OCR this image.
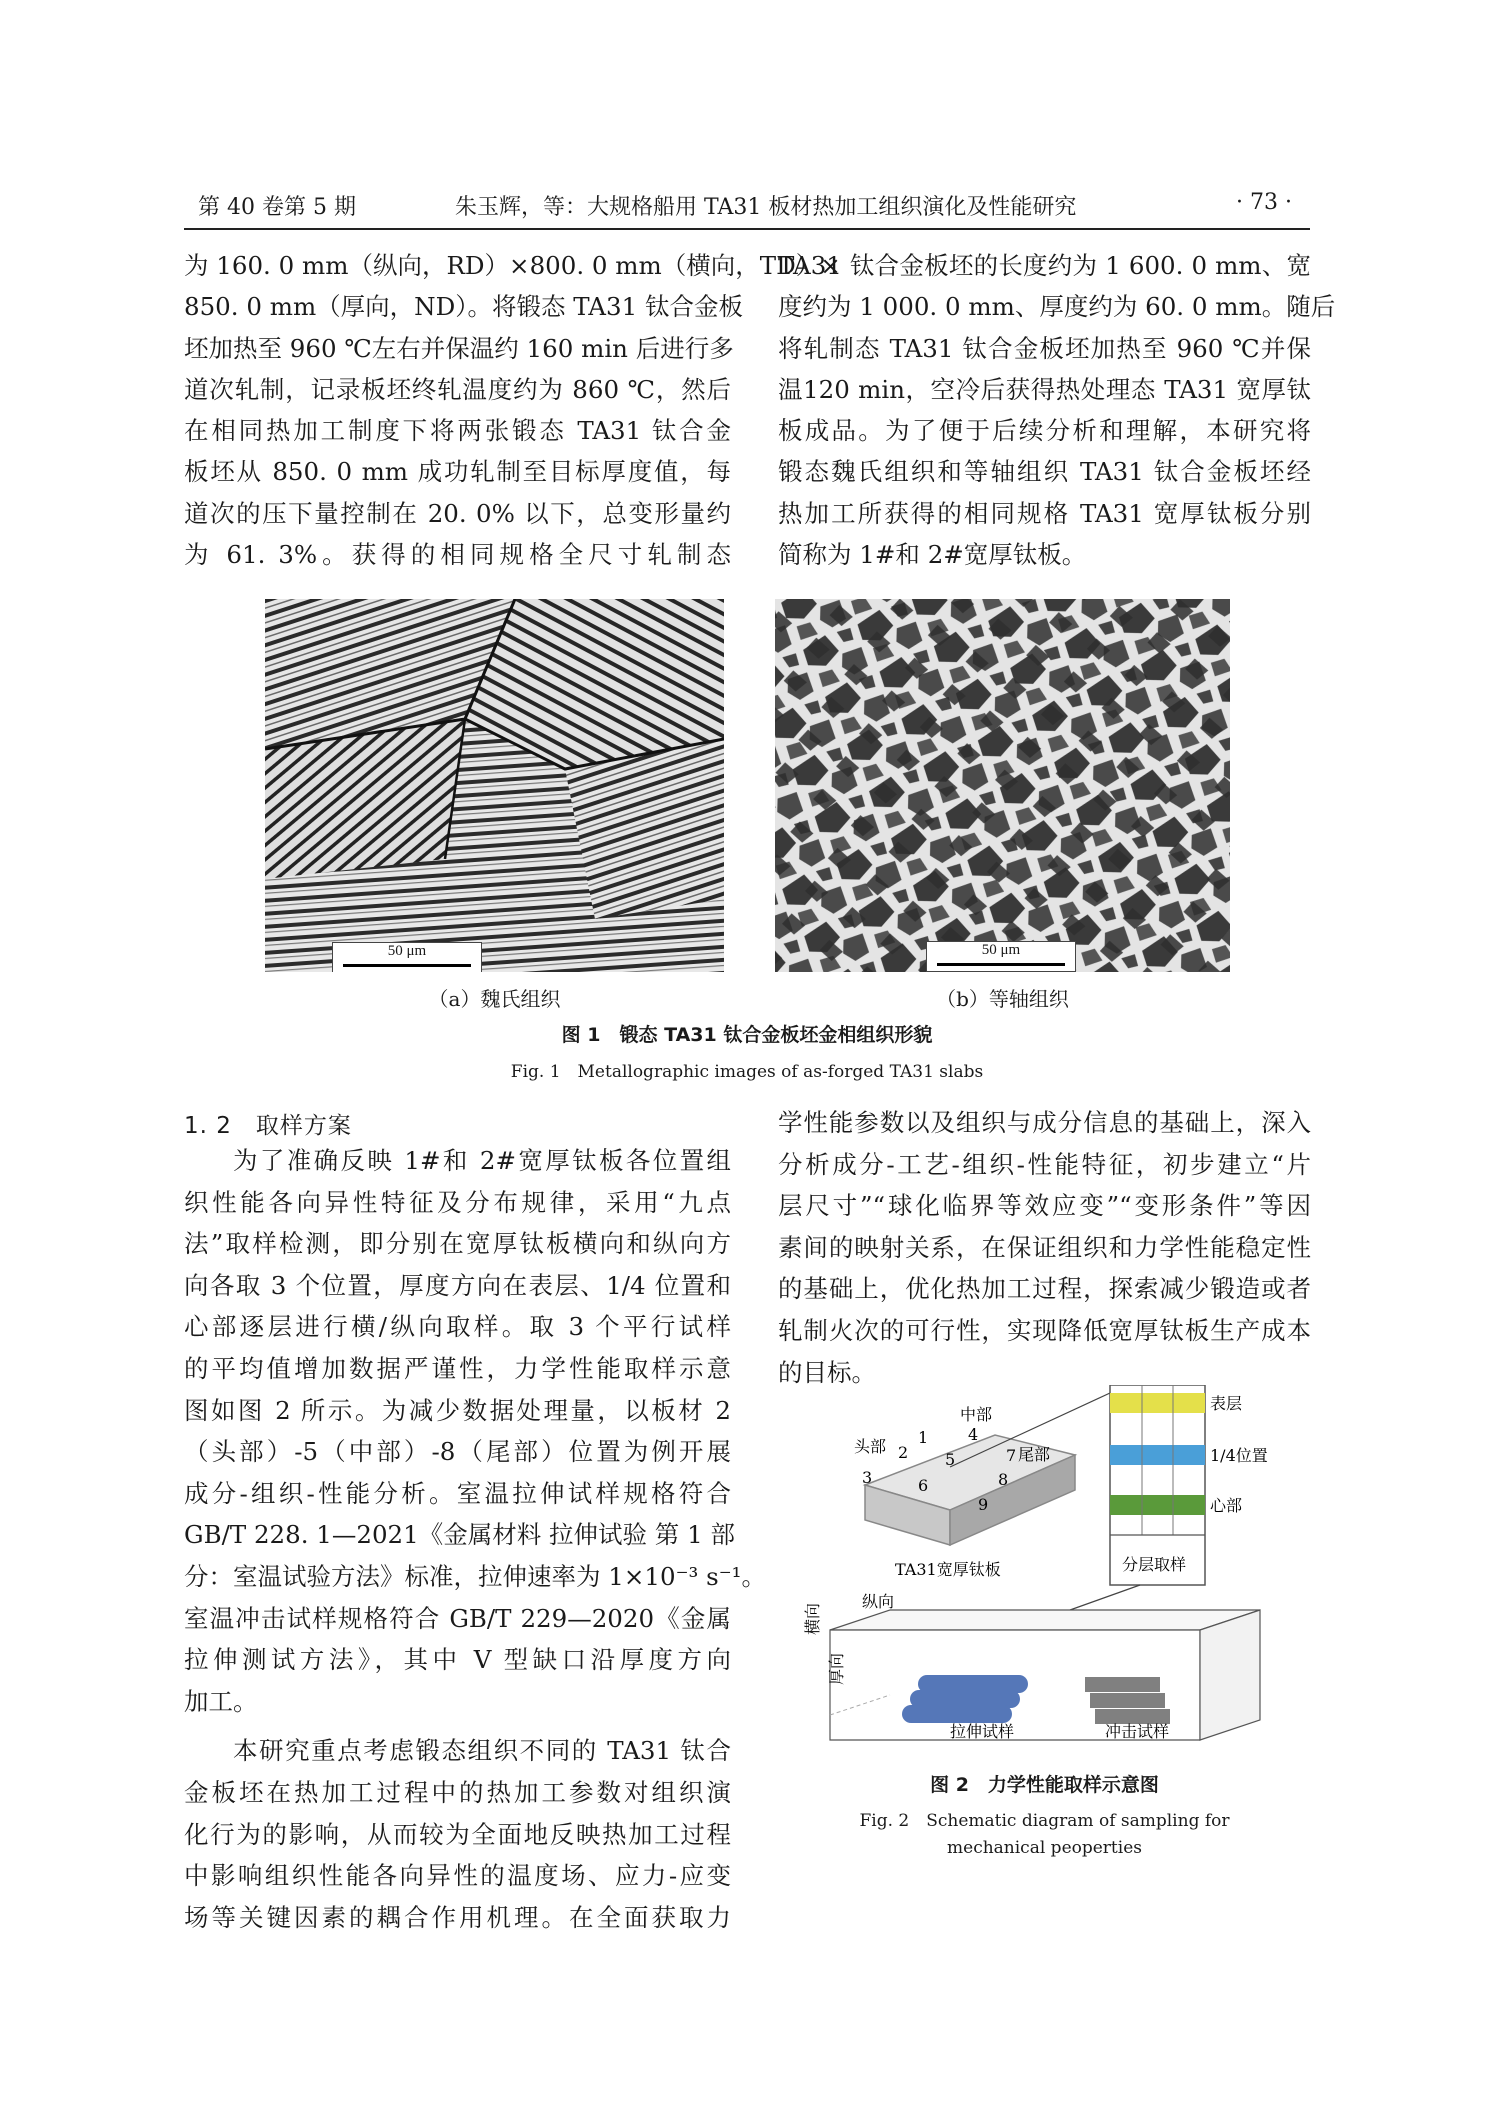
第 40 卷第 5 期	朱玉辉，等：大规格船用 TA31 板材热加工组织演化及性能研究	· 73 ·

为 160. 0 mm（纵向，RD）×800. 0 mm（横向，TD）×

850. 0 mm（厚向，ND）。将锻态 TA31 钛合金板

坯加热至 960 ℃左右并保温约 160 min 后进行多

道次轧制，记录板坯终轧温度约为 860 ℃，然后

在相同热加工制度下将两张锻态 TA31 钛合金

板坯从 850. 0 mm 成功轧制至目标厚度值，每

道次的压下量控制在 20. 0% 以下，总变形量约

为 61. 3%。获得的相同规格全尺寸轧制态

TA31 钛合金板坯的长度约为 1 600. 0 mm、宽

度约为 1 000. 0 mm、厚度约为 60. 0 mm。随后

将轧制态 TA31 钛合金板坯加热至 960 ℃并保

温120 min，空冷后获得热处理态 TA31 宽厚钛

板成品。为了便于后续分析和理解，本研究将

锻态魏氏组织和等轴组织 TA31 钛合金板坯经

热加工所获得的相同规格 TA31 宽厚钛板分别

简称为 1#和 2#宽厚钛板。

50 μm	50 μm
（a）魏氏组织	（b）等轴组织
图 1　锻态 TA31 钛合金板坯金相组织形貌
Fig. 1　Metallographic images of as-forged TA31 slabs
1. 2　取样方案

为了准确反映 1#和 2#宽厚钛板各位置组

织性能各向异性特征及分布规律，采用“九点

法”取样检测，即分别在宽厚钛板横向和纵向方

向各取 3 个位置，厚度方向在表层、1/4 位置和

心部逐层进行横/纵向取样。取 3 个平行试样

的平均值增加数据严谨性，力学性能取样示意

图如图 2 所示。为减少数据处理量，以板材 2

（头部）-5（中部）-8（尾部）位置为例开展

成分-组织-性能分析。室温拉伸试样规格符合

GB/T 228. 1—2021《金属材料 拉伸试验 第 1 部

分：室温试验方法》标准，拉伸速率为 1×10⁻³ s⁻¹。

室温冲击试样规格符合 GB/T 229—2020《金属

拉伸测试方法》，其中 V 型缺口沿厚度方向

加工。

本研究重点考虑锻态组织不同的 TA31 钛合

金板坯在热加工过程中的热加工参数对组织演

化行为的影响，从而较为全面地反映热加工过程

中影响组织性能各向异性的温度场、应力-应变

场等关键因素的耦合作用机理。在全面获取力

学性能参数以及组织与成分信息的基础上，深入

分析成分-工艺-组织-性能特征，初步建立“片

层尺寸”“球化临界等效应变”“变形条件”等因

素间的映射关系，在保证组织和力学性能稳定性

的基础上，优化热加工过程，探索减少锻造或者

轧制火次的可行性，实现降低宽厚钛板生产成本

的目标。

头部
中部
尾部
1
2
3
4
5
6
7
8
9
TA31宽厚钛板
表层
1/4位置
心部
分层取样
横向
纵向
厚向
拉伸试样	冲击试样
图 2　力学性能取样示意图
Fig. 2　Schematic diagram of sampling for
mechanical peoperties
